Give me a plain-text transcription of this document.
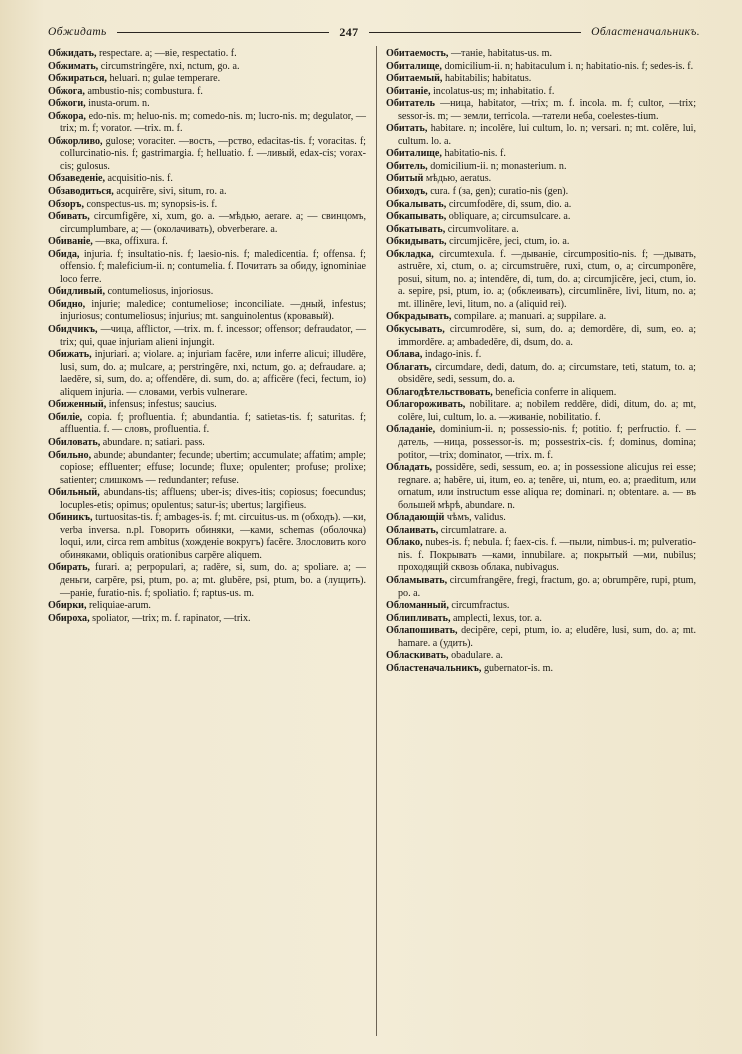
Обжидать	247	Областеначальникъ.
Обжидать, respectare. a; —вie, respectatio. f.
Обжимать, circumstringĕre, nxi, nctum, go. a.
Обжираться, heluari. n; gulae temperare.
Обжога, ambustio-nis; combustura. f.
Обжоги, inusta-orum. n.
Обжора, edo-nis. m; heluo-nis. m; comedo-nis. m; lucro-nis. m; degulator, —trix; m. f; vorator. —trix. m. f.
Обжорливо, gulose; voraciter. —вость, —рство, edacitas-tis. f; voracitas. f; collurcinatio-nis. f; gastrimargia. f; helluatio. f. —ливый, edax-cis; vorax-cis; gulosus.
Обзаведеніе, acquisitio-nis. f.
Обзаводиться, acquirĕre, sivi, situm, ro. a.
Обзоръ, conspectus-us. m; synopsis-is. f.
Обивать, circumfigĕre, xi, xum, go. a. —мѣдью, aerare. a; — свинцомъ, circumplumbare, a; — (околачивать), obverberare. a.
Обиваніе, —вка, offixura. f.
Обида, injuria. f; insultatio-nis. f; laesio-nis. f; maledicentia. f; offensa. f; offensio. f; maleficium-ii. n; contumelia. f. Почитать за обиду, ignominiae loco ferre.
Обидливый, contumeliosus, injoriosus.
Обидно, injurie; malediсe; contumeliose; inconciliate. —дный, infestus; injuriosus; contumeliosus; injurius; mt. sanguinolentus (кровавый).
Обидчикъ, —чица, afflictor, —trix. m. f. incessor; offensor; defraudator, —trix; qui, quae injuriam alieni injungit.
Обижать, injuriari. a; violare. a; injuriam facĕre, или inferre alicui; illudĕre, lusi, sum, do. a; mulcare, a; perstringĕre, nxi, nctum, go. a; defraudare. a; laedĕre, si, sum, do. a; offendĕre, di. sum, do. a; afficĕre (feci, fectum, io) aliquem injuria. — словами, verbis vulnerare.
Обиженный, infensus; infestus; saucius.
Обиліе, copia. f; profluentia. f; abundantia. f; satietas-tis. f; saturitas. f; affluentia. f. — словъ, profluentia. f.
Обиловать, abundare. n; satiari. pass.
Обильно, abunde; abundanter; fecunde; ubertim; accumulate; affatim; ample; copiose; effluenter; effuse; locunde; fluxe; opulenter; profuse; prolixe; satienter; слишкомъ — redundanter; refuse.
Обильный, abundans-tis; affluens; uber-is; dives-itis; copiosus; foecundus; locuples-etis; opimus; opulentus; satur-is; ubertus; largifieus.
Обиникъ, turtuositas-tis. f; ambages-is. f; mt. circuitus-us. m (обходъ). —ки, verba inversa. n.pl. Говорить обиняки, —ками, schemas (оболочка) loqui, или, circa rem ambitus (хожденіе вокругъ) facĕre. Злословить кого обиняками, obliquis orationibus carpĕre aliquem.
Обирать, furari. a; perpopulari, a; radĕre, si, sum, do. a; spoliare. a; —деньги, carpĕre, psi, ptum, po. a; mt. glubĕre, psi, ptum, bo. a (лущить). —раніе, furatio-nis. f; spoliatio. f; raptus-us. m.
Обирки, reliquiae-arum.
Обироха, spoliator, —trix; m. f. rapinator, —trix.
Обитаемость, —таніе, habitatus-us. m.
Обиталище, domicilium-ii. n; habitaculum i. n; habitatio-nis. f; sedes-is. f.
Обитаемый, habitabilis; habitatus.
Обитаніе, incolatus-us; m; inhabitatio. f.
Обитатель —ница, habitator, —trix; m. f. incola. m. f; cultor, —trix; sessor-is. m; — земли, terricola. —татели неба, coelestes-tium.
Обитать, habitare. n; incolĕre, lui cultum, lo. n; versari. n; mt. colĕre, lui, cultum. lo. a.
Обиталище, habitatio-nis. f.
Обитель, domicilium-ii. n; monasterium. n.
Обитый мѣдью, aeratus.
Обиходъ, cura. f (за, gen); curatio-nis (gen).
Обкалывать, circumfodĕre, di, ssum, dio. a.
Обкапывать, obliquare, a; circumsulcare. a.
Обкатывать, circumvolitare. a.
Обкидывать, circumjicĕre, jeci, ctum, io. a.
Обкладка, circumtexula. f. —дываніе, circumpositio-nis. f; —дывать, astruĕre, xi, ctum, o. a; circumstruĕre, ruxi, ctum, o, a; circumponĕre, posui, situm, no. a; intendĕre, di, tum, do. a; circumjicĕre, jeci, ctum, io. a. sepire, psi, ptum, io. a; (обклеивать), circumlinĕre, livi, litum, no. a; mt. illinĕre, levi, litum, no. a (aliquid rei).
Обкрадывать, compilare. a; manuari. a; suppilare. a.
Обкусывать, circumrodĕre, si, sum, do. a; demordĕre, di, sum, eo. a; immordĕre. a; ambadedĕre, di, dsum, do. a.
Облава, indago-inis. f.
Облагать, circumdare, dedi, datum, do. a; circumstare, teti, statum, to. a; obsidĕre, sedi, sessum, do. a.
Облагодѣтельствовать, beneficia conferre in aliquem.
Облагороживать, nobilitare. a; nobilem reddĕre, didi, ditum, do. a; mt, colĕre, lui, cultum, lo. a. —живаніе, nobilitatio. f.
Обладаніе, dominium-ii. n; possessio-nis. f; potitio. f; perfructio. f. —датель, —ница, possessor-is. m; possestrix-cis. f; dominus, domina; potitor, —trix; dominator, —trix. m. f.
Обладать, possidĕre, sedi, sessum, eo. a; in possessione alicujus rei esse; regnare. a; habĕre, ui, itum, eo. a; tenĕre, ui, ntum, eo. a; praeditum, или ornatum, или instructum esse aliqua re; dominari. n; obtentare. a. — въ большей мѣрѣ, abundare. n.
Обладающій чѣмъ, validus.
Облаивать, circumlatrare. a.
Облако, nubes-is. f; nebula. f; faex-cis. f. —пыли, nimbus-i. m; pulveratio-nis. f. Покрывать —ками, innubilare. a; покрытый —ми, nubilus; проходящій сквозь облака, nubivagus.
Обламывать, circumfrangĕre, fregi, fractum, go. a; obrumpĕre, rupi, ptum, po. a.
Обломанный, circumfractus.
Облипливать, amplecti, lexus, tor. a.
Облапошивать, decipĕre, cepi, ptum, io. a; eludĕre, lusi, sum, do. a; mt. hamare. a (удить).
Обласкивать, obadulare. a.
Областеначальникъ, gubernator-is. m.
